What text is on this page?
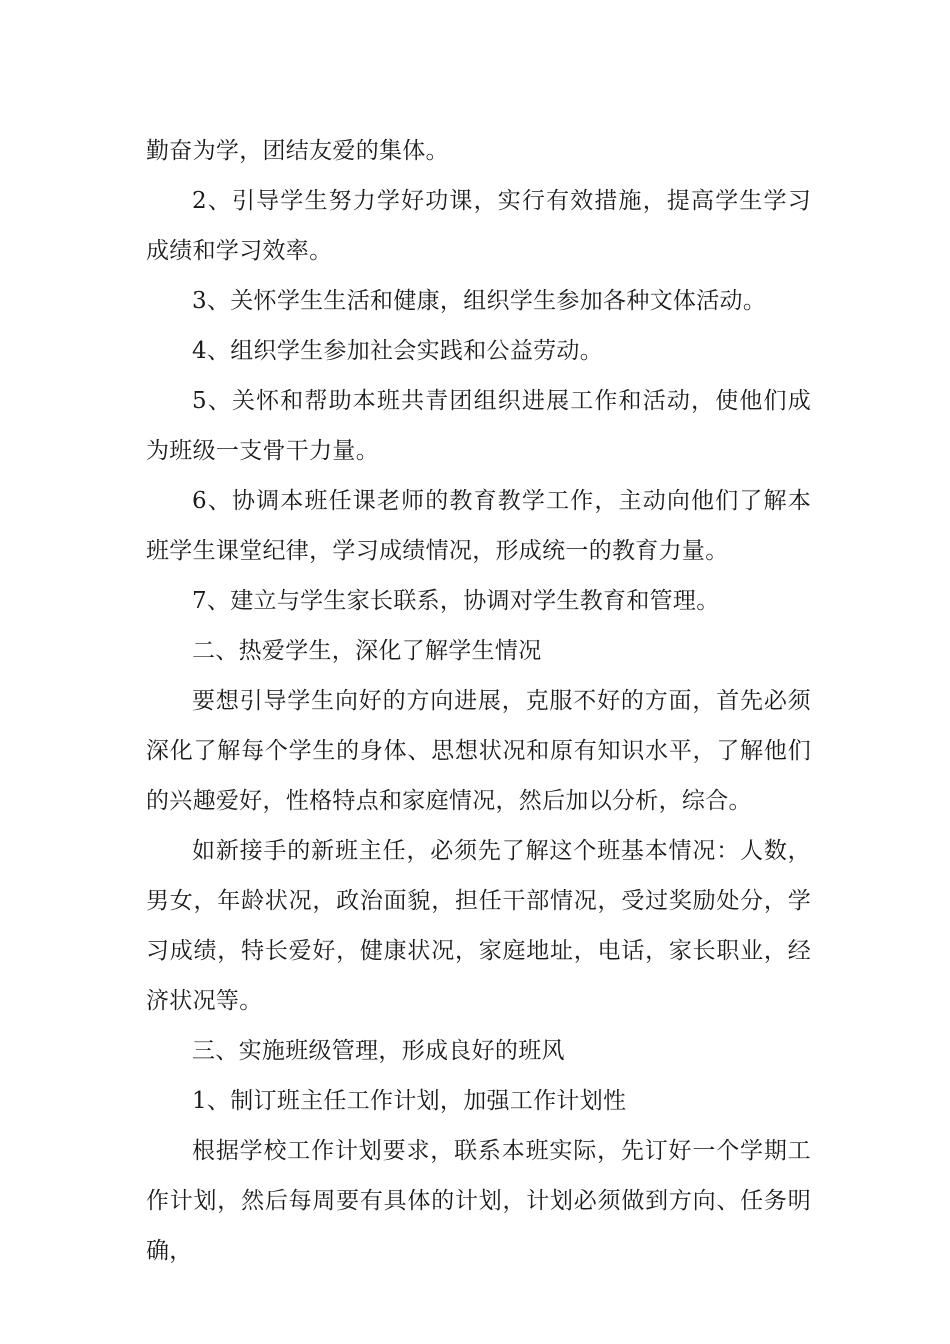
勤奋为学，团结友爱的集体。

2、引导学生努力学好功课，实行有效措施，提高学生学习成绩和学习效率。

3、关怀学生生活和健康，组织学生参加各种文体活动。

4、组织学生参加社会实践和公益劳动。

5、关怀和帮助本班共青团组织进展工作和活动，使他们成为班级一支骨干力量。

6、协调本班任课老师的教育教学工作，主动向他们了解本班学生课堂纪律，学习成绩情况，形成统一的教育力量。

7、建立与学生家长联系，协调对学生教育和管理。

二、热爱学生，深化了解学生情况

要想引导学生向好的方向进展，克服不好的方面，首先必须深化了解每个学生的身体、思想状况和原有知识水平，了解他们的兴趣爱好，性格特点和家庭情况，然后加以分析，综合。

如新接手的新班主任，必须先了解这个班基本情况：人数，男女，年龄状况，政治面貌，担任干部情况，受过奖励处分，学习成绩，特长爱好，健康状况，家庭地址，电话，家长职业，经济状况等。

三、实施班级管理，形成良好的班风

1、制订班主任工作计划，加强工作计划性

根据学校工作计划要求，联系本班实际，先订好一个学期工作计划，然后每周要有具体的计划，计划必须做到方向、任务明确，
